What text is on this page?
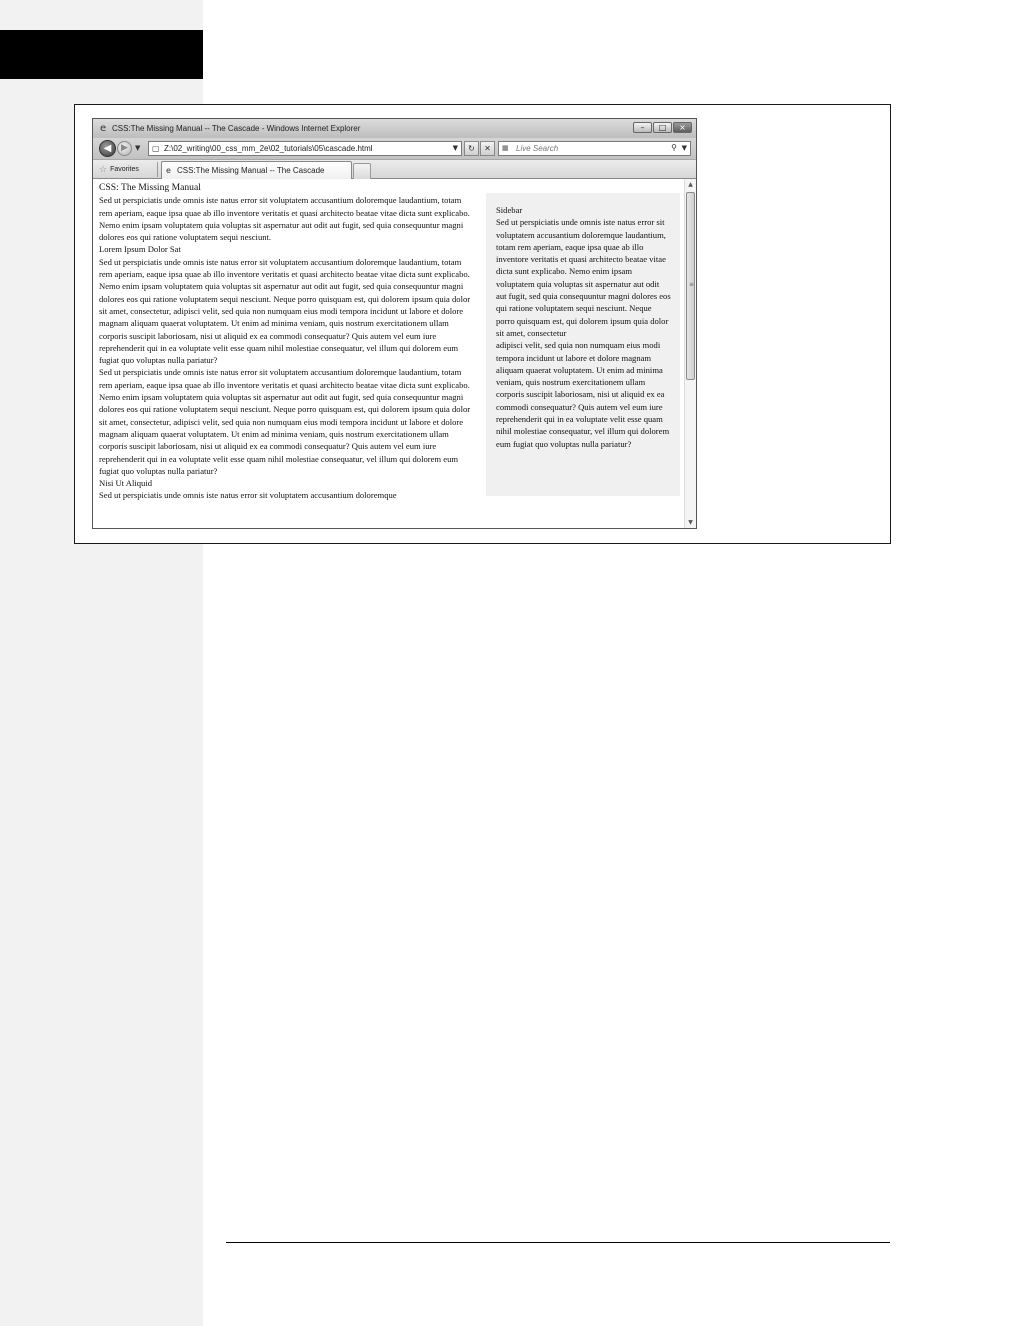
e CSS:The Missing Manual -- The Cascade - Windows Internet Explorer	–	□	×
◀	▶	▼ ▢ Z:\02_writing\00_css_mm_2e\02_tutorials\05\cascade.html	▼	↻	✕	▦ Live Search	⚲ ▼
☆ Favorites	e CSS:The Missing Manual -- The Cascade
CSS: The Missing Manual

Sed ut perspiciatis unde omnis iste natus error sit voluptatem accusantium doloremque laudantium, totam rem aperiam, eaque ipsa quae ab illo inventore veritatis et quasi architecto beatae vitae dicta sunt explicabo. Nemo enim ipsam voluptatem quia voluptas sit aspernatur aut odit aut fugit, sed quia consequuntur magni dolores eos qui ratione voluptatem sequi nesciunt.

Lorem Ipsum Dolor Sat

Sed ut perspiciatis unde omnis iste natus error sit voluptatem accusantium doloremque laudantium, totam rem aperiam, eaque ipsa quae ab illo inventore veritatis et quasi architecto beatae vitae dicta sunt explicabo. Nemo enim ipsam voluptatem quia voluptas sit aspernatur aut odit aut fugit, sed quia consequuntur magni dolores eos qui ratione voluptatem sequi nesciunt. Neque porro quisquam est, qui dolorem ipsum quia dolor sit amet, consectetur, adipisci velit, sed quia non numquam eius modi tempora incidunt ut labore et dolore magnam aliquam quaerat voluptatem. Ut enim ad minima veniam, quis nostrum exercitationem ullam corporis suscipit laboriosam, nisi ut aliquid ex ea commodi consequatur? Quis autem vel eum iure reprehenderit qui in ea voluptate velit esse quam nihil molestiae consequatur, vel illum qui dolorem eum fugiat quo voluptas nulla pariatur?

Sed ut perspiciatis unde omnis iste natus error sit voluptatem accusantium doloremque laudantium, totam rem aperiam, eaque ipsa quae ab illo inventore veritatis et quasi architecto beatae vitae dicta sunt explicabo. Nemo enim ipsam voluptatem quia voluptas sit aspernatur aut odit aut fugit, sed quia consequuntur magni dolores eos qui ratione voluptatem sequi nesciunt. Neque porro quisquam est, qui dolorem ipsum quia dolor sit amet, consectetur, adipisci velit, sed quia non numquam eius modi tempora incidunt ut labore et dolore magnam aliquam quaerat voluptatem. Ut enim ad minima veniam, quis nostrum exercitationem ullam corporis suscipit laboriosam, nisi ut aliquid ex ea commodi consequatur? Quis autem vel eum iure reprehenderit qui in ea voluptate velit esse quam nihil molestiae consequatur, vel illum qui dolorem eum fugiat quo voluptas nulla pariatur?

Nisi Ut Aliquid

Sed ut perspiciatis unde omnis iste natus error sit voluptatem accusantium doloremque

Sidebar

Sed ut perspiciatis unde omnis iste natus error sit voluptatem accusantium doloremque laudantium, totam rem aperiam, eaque ipsa quae ab illo inventore veritatis et quasi architecto beatae vitae dicta sunt explicabo. Nemo enim ipsam voluptatem quia voluptas sit aspernatur aut odit aut fugit, sed quia consequuntur magni dolores eos qui ratione voluptatem sequi nesciunt. Neque porro quisquam est, qui dolorem ipsum quia dolor sit amet, consectetur

adipisci velit, sed quia non numquam eius modi tempora incidunt ut labore et dolore magnam aliquam quaerat voluptatem. Ut enim ad minima veniam, quis nostrum exercitationem ullam corporis suscipit laboriosam, nisi ut aliquid ex ea commodi consequatur? Quis autem vel eum iure reprehenderit qui in ea voluptate velit esse quam nihil molestiae consequatur, vel illum qui dolorem eum fugiat quo voluptas nulla pariatur?

▲
≡
▼
